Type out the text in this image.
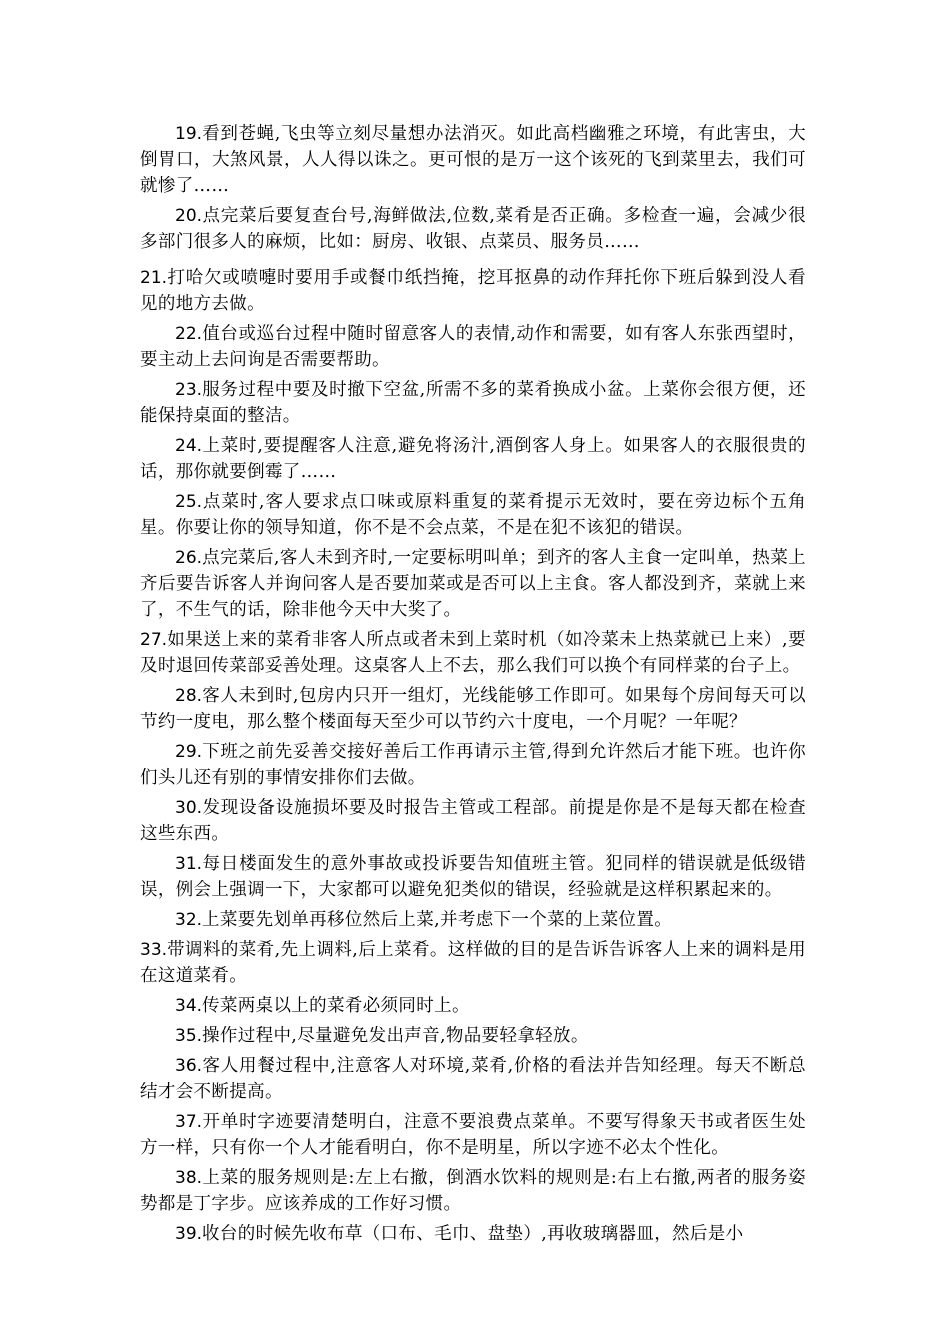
19.看到苍蝇,飞虫等立刻尽量想办法消灭。如此高档幽雅之环境，有此害虫，大倒胃口，大煞风景，人人得以诛之。更可恨的是万一这个该死的飞到菜里去，我们可就惨了……

20.点完菜后要复查台号,海鲜做法,位数,菜肴是否正确。多检查一遍，会减少很多部门很多人的麻烦，比如：厨房、收银、点菜员、服务员……

21.打哈欠或喷嚏时要用手或餐巾纸挡掩，挖耳抠鼻的动作拜托你下班后躲到没人看见的地方去做。

22.值台或巡台过程中随时留意客人的表情,动作和需要，如有客人东张西望时，要主动上去问询是否需要帮助。

23.服务过程中要及时撤下空盆,所需不多的菜肴换成小盆。上菜你会很方便，还能保持桌面的整洁。

24.上菜时,要提醒客人注意,避免将汤汁,酒倒客人身上。如果客人的衣服很贵的话，那你就要倒霉了……

25.点菜时,客人要求点口味或原料重复的菜肴提示无效时，要在旁边标个五角星。你要让你的领导知道，你不是不会点菜，不是在犯不该犯的错误。

26.点完菜后,客人未到齐时,一定要标明叫单；到齐的客人主食一定叫单，热菜上齐后要告诉客人并询问客人是否要加菜或是否可以上主食。客人都没到齐，菜就上来了，不生气的话，除非他今天中大奖了。

27.如果送上来的菜肴非客人所点或者未到上菜时机（如冷菜未上热菜就已上来）,要及时退回传菜部妥善处理。这桌客人上不去，那么我们可以换个有同样菜的台子上。

28.客人未到时,包房内只开一组灯，光线能够工作即可。如果每个房间每天可以节约一度电，那么整个楼面每天至少可以节约六十度电，一个月呢？一年呢？

29.下班之前先妥善交接好善后工作再请示主管,得到允许然后才能下班。也许你们头儿还有别的事情安排你们去做。

30.发现设备设施损坏要及时报告主管或工程部。前提是你是不是每天都在检查这些东西。

31.每日楼面发生的意外事故或投诉要告知值班主管。犯同样的错误就是低级错误，例会上强调一下，大家都可以避免犯类似的错误，经验就是这样积累起来的。

32.上菜要先划单再移位然后上菜,并考虑下一个菜的上菜位置。

33.带调料的菜肴,先上调料,后上菜肴。这样做的目的是告诉告诉客人上来的调料是用在这道菜肴。

34.传菜两桌以上的菜肴必须同时上。

35.操作过程中,尽量避免发出声音,物品要轻拿轻放。

36.客人用餐过程中,注意客人对环境,菜肴,价格的看法并告知经理。每天不断总结才会不断提高。

37.开单时字迹要清楚明白，注意不要浪费点菜单。不要写得象天书或者医生处方一样，只有你一个人才能看明白，你不是明星，所以字迹不必太个性化。

38.上菜的服务规则是:左上右撤，倒酒水饮料的规则是:右上右撤,两者的服务姿势都是丁字步。应该养成的工作好习惯。

39.收台的时候先收布草（口布、毛巾、盘垫）,再收玻璃器皿，然后是小
